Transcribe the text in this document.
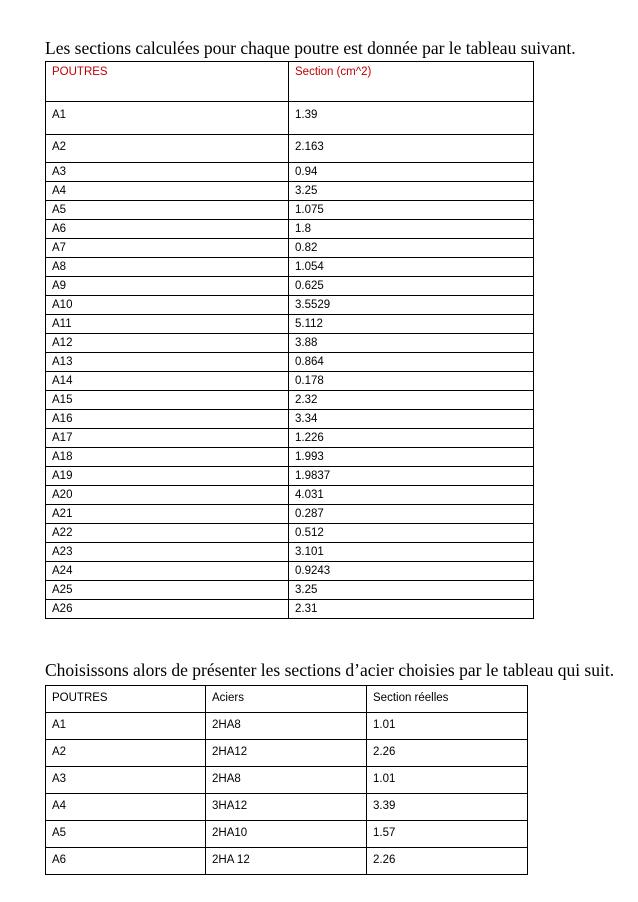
Les sections calculées pour chaque poutre est donnée par le tableau suivant.

POUTRES	Section (cm^2)
A1	1.39
A2	2.163
A3	0.94
A4	3.25
A5	1.075
A6	1.8
A7	0.82
A8	1.054
A9	0.625
A10	3.5529
A11	5.112
A12	3.88
A13	0.864
A14	0.178
A15	2.32
A16	3.34
A17	1.226
A18	1.993
A19	1.9837
A20	4.031
A21	0.287
A22	0.512
A23	3.101
A24	0.9243
A25	3.25
A26	2.31

Choisissons alors de présenter les sections d’acier choisies par le tableau qui suit.

POUTRES	Aciers	Section réelles
A1	2HA8	1.01
A2	2HA12	2.26
A3	2HA8	1.01
A4	3HA12	3.39
A5	2HA10	1.57
A6	2HA 12	2.26
